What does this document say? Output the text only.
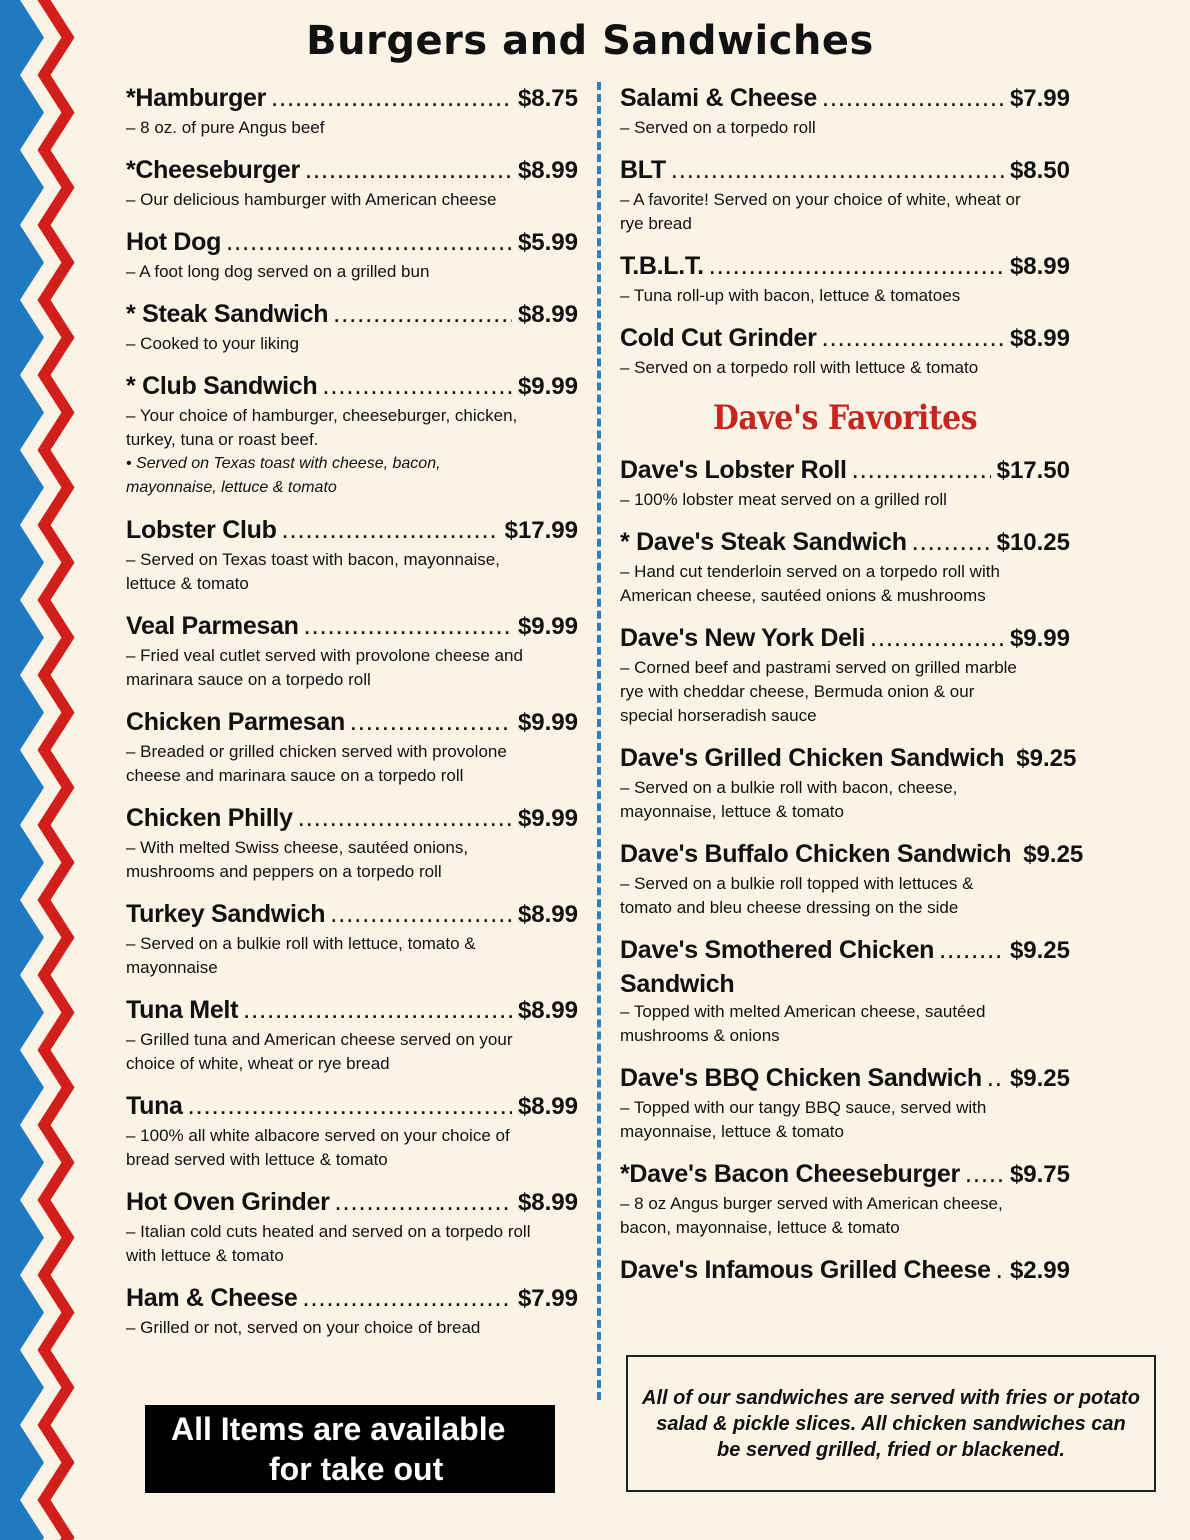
Burgers and Sandwiches
*Hamburger .....	$8.75
– 8 oz. of pure Angus beef
*Cheeseburger .....	$8.99
– Our delicious hamburger with American cheese
Hot Dog .....	$5.99
– A foot long dog served on a grilled bun
* Steak Sandwich .....	$8.99
– Cooked to your liking
* Club Sandwich .....	$9.99
– Your choice of hamburger, cheeseburger, chicken, turkey, tuna or roast beef.
• Served on Texas toast with cheese, bacon, mayonnaise, lettuce & tomato
Lobster Club .....	$17.99
– Served on Texas toast with bacon, mayonnaise, lettuce & tomato
Veal Parmesan .....	$9.99
– Fried veal cutlet served with provolone cheese and marinara sauce on a torpedo roll
Chicken Parmesan .....	$9.99
– Breaded or grilled chicken served with provolone cheese and marinara sauce on a torpedo roll
Chicken Philly .....	$9.99
– With melted Swiss cheese, sautéed onions, mushrooms and peppers on a torpedo roll
Turkey Sandwich .....	$8.99
– Served on a bulkie roll with lettuce, tomato & mayonnaise
Tuna Melt .....	$8.99
– Grilled tuna and American cheese served on your choice of white, wheat or rye bread
Tuna .....	$8.99
– 100% all white albacore served on your choice of bread served with lettuce & tomato
Hot Oven Grinder .....	$8.99
– Italian cold cuts heated and served on a torpedo roll with lettuce & tomato
Ham & Cheese .....	$7.99
– Grilled or not, served on your choice of bread
Salami & Cheese .....	$7.99
– Served on a torpedo roll
BLT .....	$8.50
– A favorite! Served on your choice of white, wheat or rye bread
T.B.L.T. .....	$8.99
– Tuna roll-up with bacon, lettuce & tomatoes
Cold Cut Grinder .....	$8.99
– Served on a torpedo roll with lettuce & tomato
Dave's Favorites
Dave's Lobster Roll .....	$17.50
– 100% lobster meat served on a grilled roll
* Dave's Steak Sandwich .....	$10.25
– Hand cut tenderloin served on a torpedo roll with American cheese, sautéed onions & mushrooms
Dave's New York Deli .....	$9.99
– Corned beef and pastrami served on grilled marble rye with cheddar cheese, Bermuda onion & our special horseradish sauce
Dave's Grilled Chicken Sandwich $9.25
– Served on a bulkie roll with bacon, cheese, mayonnaise, lettuce & tomato
Dave's Buffalo Chicken Sandwich $9.25
– Served on a bulkie roll topped with lettuces & tomato and bleu cheese dressing on the side
Dave's Smothered Chicken .....	$9.25
Sandwich
– Topped with melted American cheese, sautéed mushrooms & onions
Dave's BBQ Chicken Sandwich ..... $9.25
– Topped with our tangy BBQ sauce, served with mayonnaise, lettuce & tomato
*Dave's Bacon Cheeseburger ..... $9.75
– 8 oz Angus burger served with American cheese, bacon, mayonnaise, lettuce & tomato
Dave's Infamous Grilled Cheese ..... $2.99
All Items are available
for take out
All of our sandwiches are served with fries or potato salad & pickle slices. All chicken sandwiches can be served grilled, fried or blackened.
